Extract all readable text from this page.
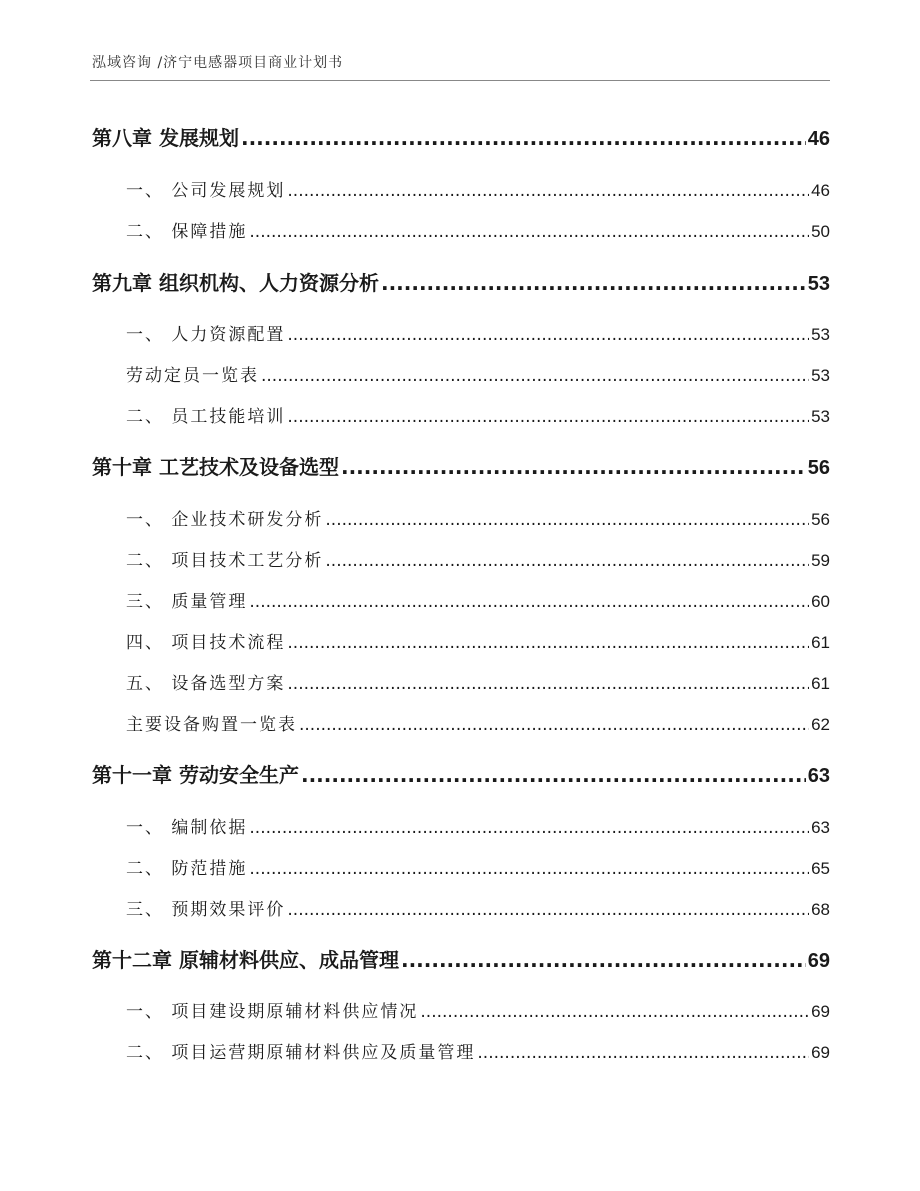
泓域咨询 /济宁电感器项目商业计划书
第八章 发展规划 .....	46
一、 公司发展规划 .....	46
二、 保障措施 .....	50
第九章 组织机构、人力资源分析 .....	53
一、 人力资源配置 .....	53
劳动定员一览表 .....	53
二、 员工技能培训 .....	53
第十章 工艺技术及设备选型 .....	56
一、 企业技术研发分析 .....	56
二、 项目技术工艺分析 .....	59
三、 质量管理 .....	60
四、 项目技术流程 .....	61
五、 设备选型方案 .....	61
主要设备购置一览表 .....	62
第十一章 劳动安全生产 .....	63
一、 编制依据 .....	63
二、 防范措施 .....	65
三、 预期效果评价 .....	68
第十二章 原辅材料供应、成品管理 .....	69
一、 项目建设期原辅材料供应情况 .....	69
二、 项目运营期原辅材料供应及质量管理 .....	69
